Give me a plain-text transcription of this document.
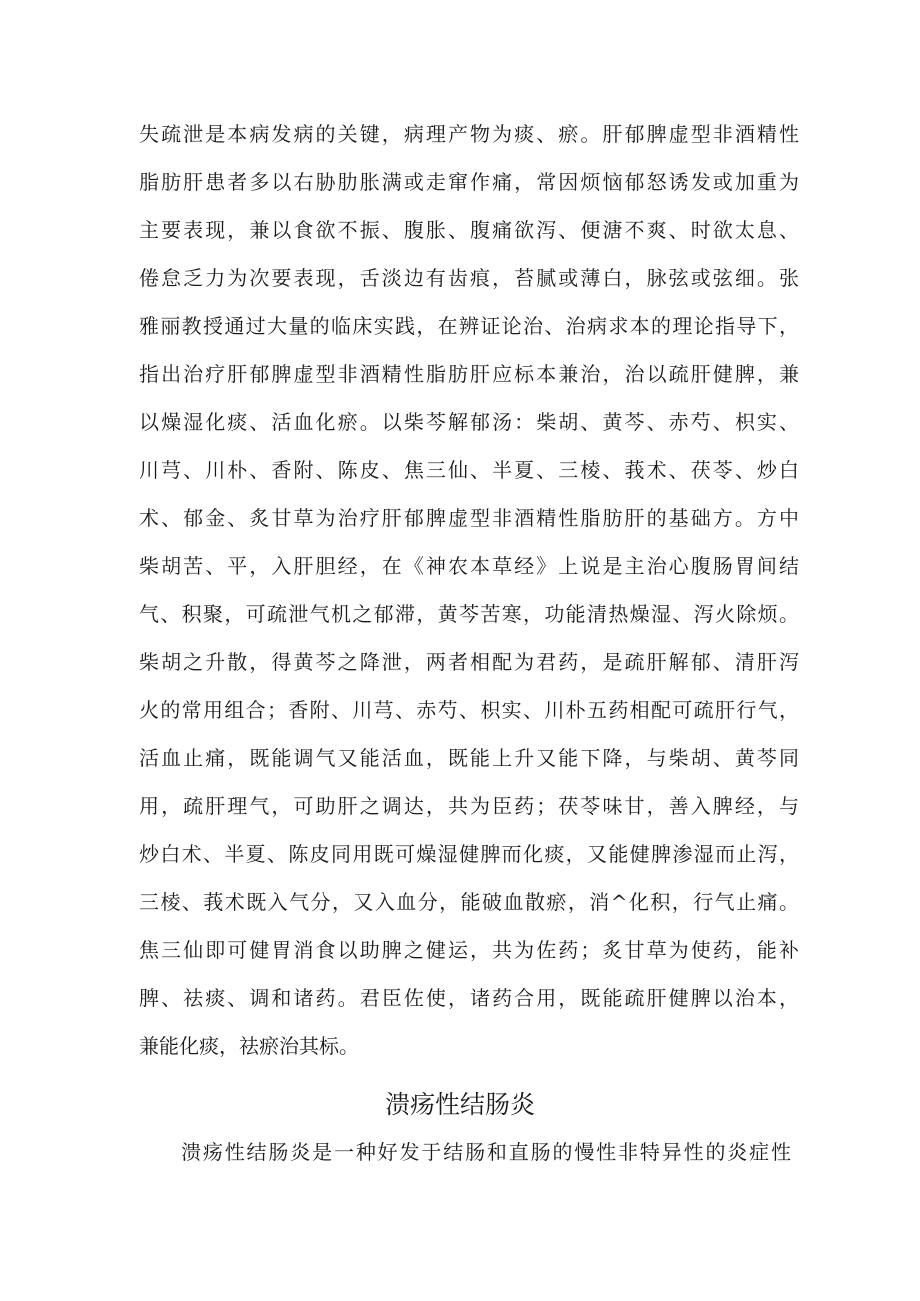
失疏泄是本病发病的关键，病理产物为痰、瘀。肝郁脾虚型非酒精性
脂肪肝患者多以右胁肋胀满或走窜作痛，常因烦恼郁怒诱发或加重为
主要表现，兼以食欲不振、腹胀、腹痛欲泻、便溏不爽、时欲太息、
倦怠乏力为次要表现，舌淡边有齿痕，苔腻或薄白，脉弦或弦细。张
雅丽教授通过大量的临床实践，在辨证论治、治病求本的理论指导下，
指出治疗肝郁脾虚型非酒精性脂肪肝应标本兼治，治以疏肝健脾，兼
以燥湿化痰、活血化瘀。以柴芩解郁汤：柴胡、黄芩、赤芍、枳实、
川芎、川朴、香附、陈皮、焦三仙、半夏、三棱、莪术、茯苓、炒白
术、郁金、炙甘草为治疗肝郁脾虚型非酒精性脂肪肝的基础方。方中
柴胡苦、平，入肝胆经，在《神农本草经》上说是主治心腹肠胃间结
气、积聚，可疏泄气机之郁滞，黄芩苦寒，功能清热燥湿、泻火除烦。
柴胡之升散，得黄芩之降泄，两者相配为君药，是疏肝解郁、清肝泻
火的常用组合；香附、川芎、赤芍、枳实、川朴五药相配可疏肝行气，
活血止痛，既能调气又能活血，既能上升又能下降，与柴胡、黄芩同
用，疏肝理气，可助肝之调达，共为臣药；茯苓味甘，善入脾经，与
炒白术、半夏、陈皮同用既可燥湿健脾而化痰，又能健脾渗湿而止泻，
三棱、莪术既入气分，又入血分，能破血散瘀，消^化积，行气止痛。
焦三仙即可健胃消食以助脾之健运，共为佐药；炙甘草为使药，能补
脾、祛痰、调和诸药。君臣佐使，诸药合用，既能疏肝健脾以治本，
兼能化痰，祛瘀治其标。
溃疡性结肠炎
溃疡性结肠炎是一种好发于结肠和直肠的慢性非特异性的炎症性
